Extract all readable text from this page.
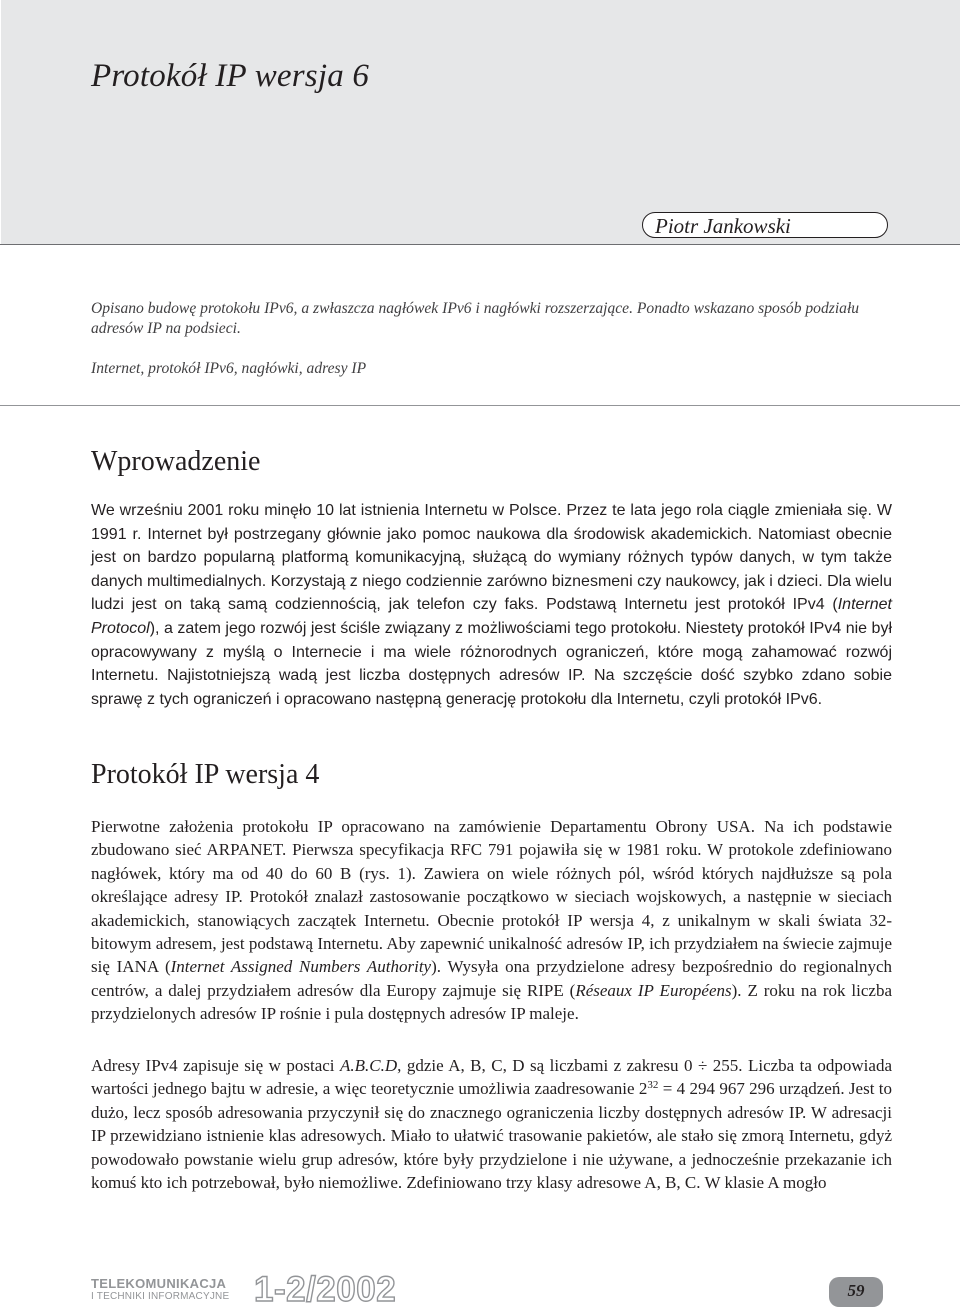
Protokół IP wersja 6
Piotr Jankowski

Opisano budowę protokołu IPv6, a zwłaszcza nagłówek IPv6 i nagłówki rozszerzające. Ponadto wskazano sposób podziału adresów IP na podsieci.

Internet, protokół IPv6, nagłówki, adresy IP

Wprowadzenie

We wrześniu 2001 roku minęło 10 lat istnienia Internetu w Polsce. Przez te lata jego rola ciągle zmieniała się. W 1991 r. Internet był postrzegany głównie jako pomoc naukowa dla środowisk akademickich. Natomiast obecnie jest on bardzo popularną platformą komunikacyjną, służącą do wymiany różnych typów danych, w tym także danych multimedialnych. Korzystają z niego codziennie zarówno biznesmeni czy naukowcy, jak i dzieci. Dla wielu ludzi jest on taką samą codziennością, jak telefon czy faks. Podstawą Internetu jest protokół IPv4 (Internet Protocol), a zatem jego rozwój jest ściśle związany z możliwościami tego protokołu. Niestety protokół IPv4 nie był opracowywany z myślą o Internecie i ma wiele różnorodnych ograniczeń, które mogą zahamować rozwój Internetu. Najistotniejszą wadą jest liczba dostępnych adresów IP. Na szczęście dość szybko zdano sobie sprawę z tych ograniczeń i opracowano następną generację protokołu dla Internetu, czyli protokół IPv6.

Protokół IP wersja 4

Pierwotne założenia protokołu IP opracowano na zamówienie Departamentu Obrony USA. Na ich podstawie zbudowano sieć ARPANET. Pierwsza specyfikacja RFC 791 pojawiła się w 1981 roku. W protokole zdefiniowano nagłówek, który ma od 40 do 60 B (rys. 1). Zawiera on wiele różnych pól, wśród których najdłuższe są pola określające adresy IP. Protokół znalazł zastosowanie początkowo w sieciach wojskowych, a następnie w sieciach akademickich, stanowiących zaczątek Internetu. Obecnie protokół IP wersja 4, z unikalnym w skali świata 32-bitowym adresem, jest podstawą Internetu. Aby zapewnić unikalność adresów IP, ich przydziałem na świecie zajmuje się IANA (Internet Assigned Numbers Authority). Wysyła ona przydzielone adresy bezpośrednio do regionalnych centrów, a dalej przydziałem adresów dla Europy zajmuje się RIPE (Réseaux IP Européens). Z roku na rok liczba przydzielonych adresów IP rośnie i pula dostępnych adresów IP maleje.

Adresy IPv4 zapisuje się w postaci A.B.C.D, gdzie A, B, C, D są liczbami z zakresu 0 ÷ 255. Liczba ta odpowiada wartości jednego bajtu w adresie, a więc teoretycznie umożliwia zaadresowanie $2^{32} = 4$ 294 967 296 urządzeń. Jest to dużo, lecz sposób adresowania przyczynił się do znacznego ograniczenia liczby dostępnych adresów IP. W adresacji IP przewidziano istnienie klas adresowych. Miało to ułatwić trasowanie pakietów, ale stało się zmorą Internetu, gdyż powodowało powstanie wielu grup adresów, które były przydzielone i nie używane, a jednocześnie przekazanie ich komuś kto ich potrzebował, było niemożliwe. Zdefiniowano trzy klasy adresowe A, B, C. W klasie A mogło

TELEKOMUNIKACJA
I TECHNIKI INFORMACYJNE 1-2/2002	59
